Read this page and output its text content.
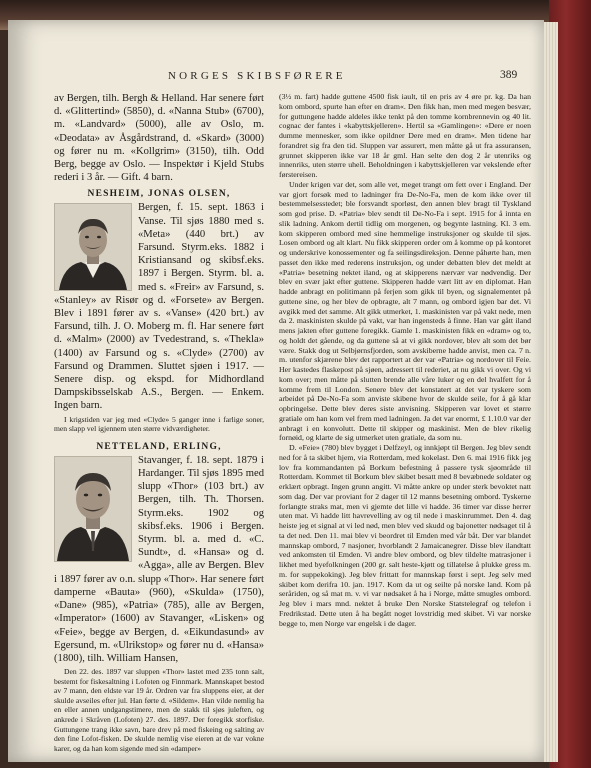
NORGES SKIBSFØRERE	389

av Bergen, tilh. Bergh & Helland. Har senere ført d. «Glittertind» (5850), d. «Nanna Stub» (6700), m. «Landvard» (5000), alle av Oslo, m. «Deodata» av Åsgårdstrand, d. «Skard» (3000) og fører nu m. «Kollgrim» (3150), tilh. Odd Berg, begge av Oslo. — Inspektør i Kjeld Stubs rederi i 3 år. — Gift. 4 barn.

NESHEIM, JONAS OLSEN,
Bergen, f. 15. sept. 1863 i Vanse. Til sjøs 1880 med s. «Meta» (440 brt.) av Farsund. Styrm.eks. 1882 i Kristiansand og skibsf.eks. 1897 i Bergen. Styrm. bl. a. med s. «Freir» av Farsund, s. «Stanley» av Risør og d. «Forsete» av Bergen. Blev i 1891 fører av s. «Vanse» (420 brt.) av Farsund, tilh. J. O. Moberg m. fl. Har senere ført d. «Malm» (2000) av Tvedestrand, s. «Thekla» (1400) av Farsund og s. «Clyde» (2700) av Farsund og Drammen. Sluttet sjøen i 1917. — Senere disp. og ekspd. for Midhordland Dampskibsselskab A.S., Bergen. — Enkem. Ingen barn.
I krigstiden var jeg med «Clyde» 5 ganger inne i farlige soner, men slapp vel igjennem uten større vidværdigheter.
NETTELAND, ERLING,
Stavanger, f. 18. sept. 1879 i Hardanger. Til sjøs 1895 med slupp «Thor» (103 brt.) av Bergen, tilh. Th. Thorsen. Styrm.eks. 1902 og skibsf.eks. 1906 i Bergen. Styrm. bl. a. med d. «C. Sundt», d. «Hansa» og d. «Agga», alle av Bergen. Blev i 1897 fører av o.n. slupp «Thor». Har senere ført damperne «Bauta» (960), «Skulda» (1750), «Dane» (985), «Patria» (785), alle av Bergen, «Imperator» (1600) av Stavanger, «Lisken» og «Feie», begge av Bergen, d. «Eikundasund» av Egersund, m. «Ulrikstop» og fører nu d. «Hansa» (1800), tilh. William Hansen,
Den 22. des. 1897 var sluppen «Thor» lastet med 235 tonn salt, bestemt for fiskesaltning i Lofoten og Finnmark. Mannskapet bestod av 7 mann, den eldste var 19 år. Ordren var fra sluppens eier, at der skulde avseiles efter jul. Han førte d. «Sildem». Han vilde nemlig ha en eller annen undgangstimere, men de stakk til sjøs juleften, og ankrede i Skråven (Lofoten) 27. des. 1897. Der foregikk storfiske. Guttungene trang ikke savn, bare drev på med fiskeing og salting av den fine Lofot-fisken. De skulde nemlig vise eieren at de var vokne karer, og da han kom sigende med sin «damper»

(3½ m. fart) hadde guttene 4500 fisk iault, til en pris av 4 øre pr. kg. Da han kom ombord, spurte han efter en dram«. Den fikk han, men med megen besvær, for guttungene hadde aldeles ikke tenkt på den tomme kornbrennevin og 40 lit. cognac der fantes i «kabyttskjelleren». Hertil sa «Gamlingen»: «Dere er noen dumme mennesker, som ikke opildner Dere med en dram«. Men tidene har forandret sig fra den tid. Sluppen var assurert, men måtte gå ut fra assuransen, grunnet skipperen ikke var 18 år gml. Han selte den dog 2 år utenriks og innenriks, uten større uhell. Beholdningen i kabyttskjelleren var vekslende efter førstereisen.

Under krigen var det, som alle vet, meget trangt om fett over i England. Der var gjort forsøk med to ladninger fra De-No-Fa, men de kom ikke over til bestemmelsesstedet; ble forsvandt sporløst, den annen blev bragt til Tyskland som god prise. D. «Patria» blev sendt til De-No-Fa i sept. 1915 for å innta en slik ladning. Ankom dertil tidlig om morgenen, og begynte lastning. Kl. 3 em. kom skipperen ombord med sine hemmelige instruksjoner og skulde til sjøs. Losen ombord og alt klart. Nu fikk skipperen order om å komme op på kontoret og underskrive konossementer og fa seilingsdireksjon. Denne påhørte han, men passet den ikke med rederens instruksjon, og under debatten blev det meldt at «Patria» besetning nektet iland, og at skipperens nærvær var nødvendig. Der blev en svær jakt efter guttene. Skipperen hadde vært litt av en diplomat. Han hadde anbragt en politimann på ferjen som gikk til byen, og signalementet på guttene sine, og her blev de opbragte, alt 7 mann, og ombord igjen bar det. Vi avgikk med det samme. Alt gikk utmerket, 1. maskinisten var på vakt nede, men da 2. maskinisten skulde på vakt, var han ingensteds å finne. Han var gått iland mens jakten efter guttene foregikk. Gamle 1. maskinisten fikk en «dram» og to, og holdt det gående, og da guttene så at vi gikk nordover, blev alt som det bør være. Stakk dog ut Selbjørnsfjorden, som avskiberne hadde anvist, men ca. 7 n. m. utenfor skjærene blev det rapportert at der var «Patria» og nordover til Feie. Her kastedes flaskepost på sjøen, adressert til rederiet, at nu gikk vi over. Og vi kom over; men måtte på slutten brende alle våre luker og en del hvalfett for å komme frem til London. Senere blev det konstatert at det var tyskere som arbeidet på De-No-Fa som anviste skibene hvor de skulde seile, for å gå klar opbringelse. Dette blev deres siste anvisning. Skipperen var lovet et større gratiale om han kom vel frem med ladningen. Ja det var enormt, £ 1.10.0 var der anbragt i en konvolutt. Dette til skipper og maskinist. Men de blev rikelig fornøid, og klarte de sig utmerket uten gratiale, da som nu.

D. «Feie» (780) blev bygget i Delfzeyl, og innkjøpt til Bergen. Jeg blev sendt ned for å ta skibet hjem, via Rotterdam, med kokelast. Den 6. mai 1916 fikk jeg lov fra kommandanten på Borkum befestning å passere tysk sjøområde til Rotterdam. Kommet til Borkum blev skibet besatt med 8 bevæbnede soldater og erklært opbragt. Ingen grunn angitt. Vi måtte ankre op under sterk bevoktet natt som dag. Der var proviant for 2 dager til 12 manns besetning ombord. Tyskerne forlangte straks mat, men vi gjemte det lille vi hadde. 36 timer var disse herrer uten mat. Vi hadde litt havrevelling av og til nede i maskinrummet. Den 4. dag heiste jeg et signal at vi led nød, men blev ved skudd og bajonetter nødsaget til å ta det ned. Den 11. mai blev vi beordret til Emden med vår båt. Der var blandet mannskap ombord, 7 nasjoner, hvorblandt 2 Jamaicanegrer. Disse blev ilandtatt ved ankomsten til Emden. Vi andre blev ombord, og blev tildelte matrasjoner i likhet med byefolkningen (200 gr. salt heste-kjøtt og tillatelse å plukke gress m. m. for suppekoking). Jeg blev frittatt for mannskap først i sept. Jeg selv med skibet kom derifra 10. jan. 1917. Kom da ut og seilte på norske land. Kom på seråriden, og så mat m. v. vi var nødsaket å ha i Norge, måtte smugles ombord. Jeg blev i mars mnd. nektet å bruke Den Norske Statstelegraf og telefon i Fredrikstad. Dette uten å ha begått noget lovstridig med skibet. Vi var norske begge to, men Norge var engelsk i de dager.
